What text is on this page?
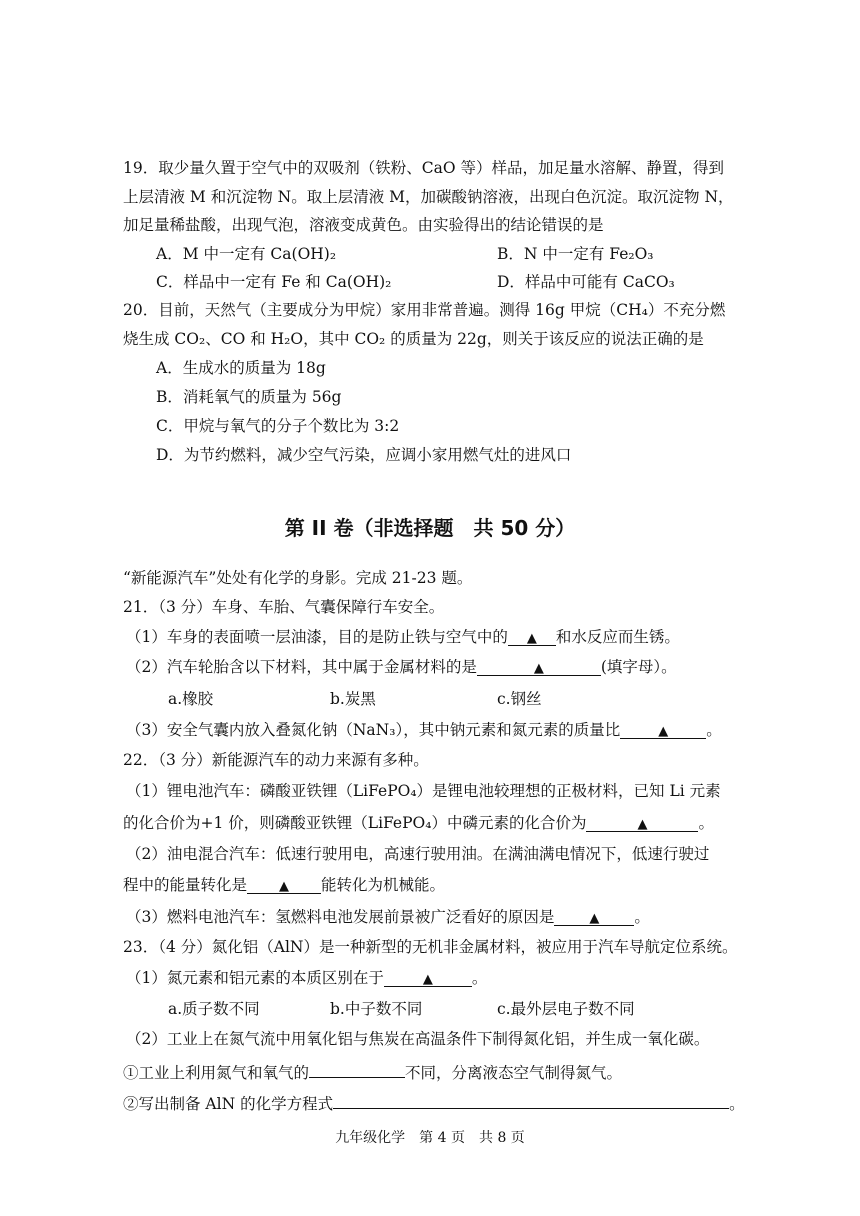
19．取少量久置于空气中的双吸剂（铁粉、CaO 等）样品，加足量水溶解、静置，得到
上层清液 M 和沉淀物 N。取上层清液 M，加碳酸钠溶液，出现白色沉淀。取沉淀物 N，
加足量稀盐酸，出现气泡，溶液变成黄色。由实验得出的结论错误的是
A．M 中一定有 Ca(OH)₂	B．N 中一定有 Fe₂O₃
C．样品中一定有 Fe 和 Ca(OH)₂	D．样品中可能有 CaCO₃
20．目前，天然气（主要成分为甲烷）家用非常普遍。测得 16g 甲烷（CH₄）不充分燃
烧生成 CO₂、CO 和 H₂O，其中 CO₂ 的质量为 22g，则关于该反应的说法正确的是
A．生成水的质量为 18g
B．消耗氧气的质量为 56g
C．甲烷与氧气的分子个数比为 3:2
D．为节约燃料，减少空气污染，应调小家用燃气灶的进风口
第 II 卷（非选择题　共 50 分）
“新能源汽车”处处有化学的身影。完成 21-23 题。
21．（3 分）车身、车胎、气囊保障行车安全。
（1）车身的表面喷一层油漆，目的是防止铁与空气中的 ▲ 和水反应而生锈。
（2）汽车轮胎含以下材料，其中属于金属材料的是	▲	(填字母）。
a.橡胶	b.炭黑	c.钢丝
（3）安全气囊内放入叠氮化钠（NaN₃），其中钠元素和氮元素的质量比	▲ 。
22．（3 分）新能源汽车的动力来源有多种。
（1）锂电池汽车：磷酸亚铁锂（LiFePO₄）是锂电池较理想的正极材料，已知 Li 元素
的化合价为+1 价，则磷酸亚铁锂（LiFePO₄）中磷元素的化合价为	▲	。
（2）油电混合汽车：低速行驶用电，高速行驶用油。在满油满电情况下，低速行驶过
程中的能量转化是 ▲ 能转化为机械能。
（3）燃料电池汽车：氢燃料电池发展前景被广泛看好的原因是	▲ 。
23．（4 分）氮化铝（AlN）是一种新型的无机非金属材料，被应用于汽车导航定位系统。
（1）氮元素和铝元素的本质区别在于	▲	。
a.质子数不同	b.中子数不同	c.最外层电子数不同
（2）工业上在氮气流中用氧化铝与焦炭在高温条件下制得氮化铝，并生成一氧化碳。
①工业上利用氮气和氧气的	不同，分离液态空气制得氮气。
②写出制备 AlN 的化学方程式	。
九年级化学　第 4 页　共 8 页
